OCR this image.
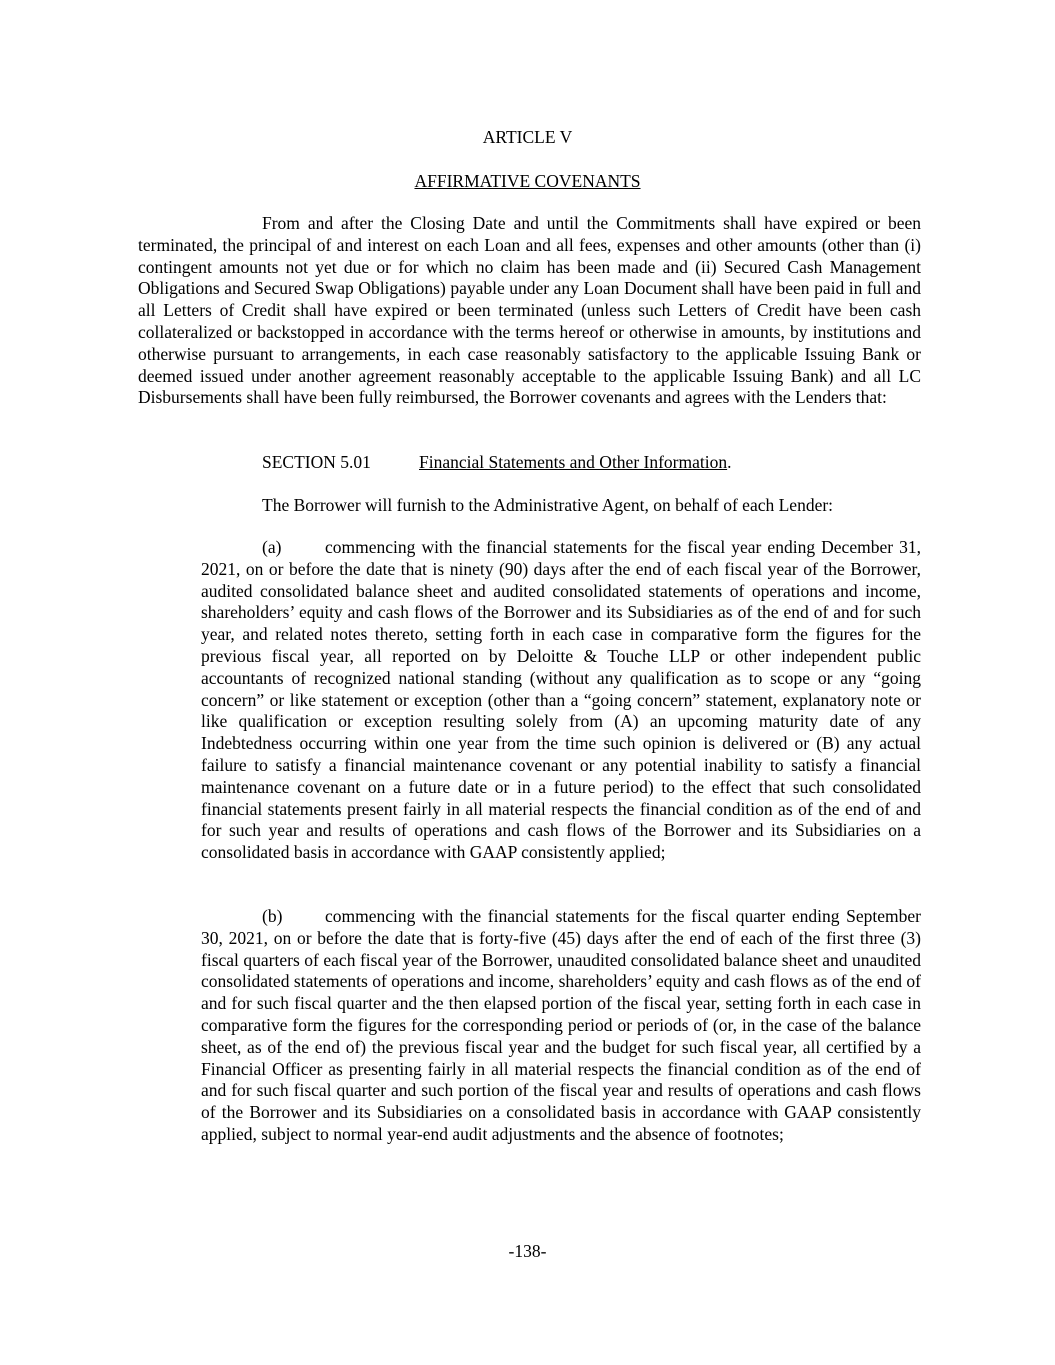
ARTICLE V
AFFIRMATIVE COVENANTS

From and after the Closing Date and until the Commitments shall have expired or been terminated, the principal of and interest on each Loan and all fees, expenses and other amounts (other than (i) contingent amounts not yet due or for which no claim has been made and (ii) Secured Cash Management Obligations and Secured Swap Obligations) payable under any Loan Document shall have been paid in full and all Letters of Credit shall have expired or been terminated (unless such Letters of Credit have been cash collateralized or backstopped in accordance with the terms hereof or otherwise in amounts, by institutions and otherwise pursuant to arrangements, in each case reasonably satisfactory to the applicable Issuing Bank or deemed issued under another agreement reasonably acceptable to the applicable Issuing Bank) and all LC Disbursements shall have been fully reimbursed, the Borrower covenants and agrees with the Lenders that:

SECTION 5.01	Financial Statements and Other Information.

The Borrower will furnish to the Administrative Agent, on behalf of each Lender:

(a) commencing with the financial statements for the fiscal year ending December 31, 2021, on or before the date that is ninety (90) days after the end of each fiscal year of the Borrower, audited consolidated balance sheet and audited consolidated statements of operations and income, shareholders’ equity and cash flows of the Borrower and its Subsidiaries as of the end of and for such year, and related notes thereto, setting forth in each case in comparative form the figures for the previous fiscal year, all reported on by Deloitte & Touche LLP or other independent public accountants of recognized national standing (without any qualification as to scope or any “going concern” or like statement or exception (other than a “going concern” statement, explanatory note or like qualification or exception resulting solely from (A) an upcoming maturity date of any Indebtedness occurring within one year from the time such opinion is delivered or (B) any actual failure to satisfy a financial maintenance covenant or any potential inability to satisfy a financial maintenance covenant on a future date or in a future period) to the effect that such consolidated financial statements present fairly in all material respects the financial condition as of the end of and for such year and results of operations and cash flows of the Borrower and its Subsidiaries on a consolidated basis in accordance with GAAP consistently applied;

(b) commencing with the financial statements for the fiscal quarter ending September 30, 2021, on or before the date that is forty-five (45) days after the end of each of the first three (3) fiscal quarters of each fiscal year of the Borrower, unaudited consolidated balance sheet and unaudited consolidated statements of operations and income, shareholders’ equity and cash flows as of the end of and for such fiscal quarter and the then elapsed portion of the fiscal year, setting forth in each case in comparative form the figures for the corresponding period or periods of (or, in the case of the balance sheet, as of the end of) the previous fiscal year and the budget for such fiscal year, all certified by a Financial Officer as presenting fairly in all material respects the financial condition as of the end of and for such fiscal quarter and such portion of the fiscal year and results of operations and cash flows of the Borrower and its Subsidiaries on a consolidated basis in accordance with GAAP consistently applied, subject to normal year-end audit adjustments and the absence of footnotes;

-138-
